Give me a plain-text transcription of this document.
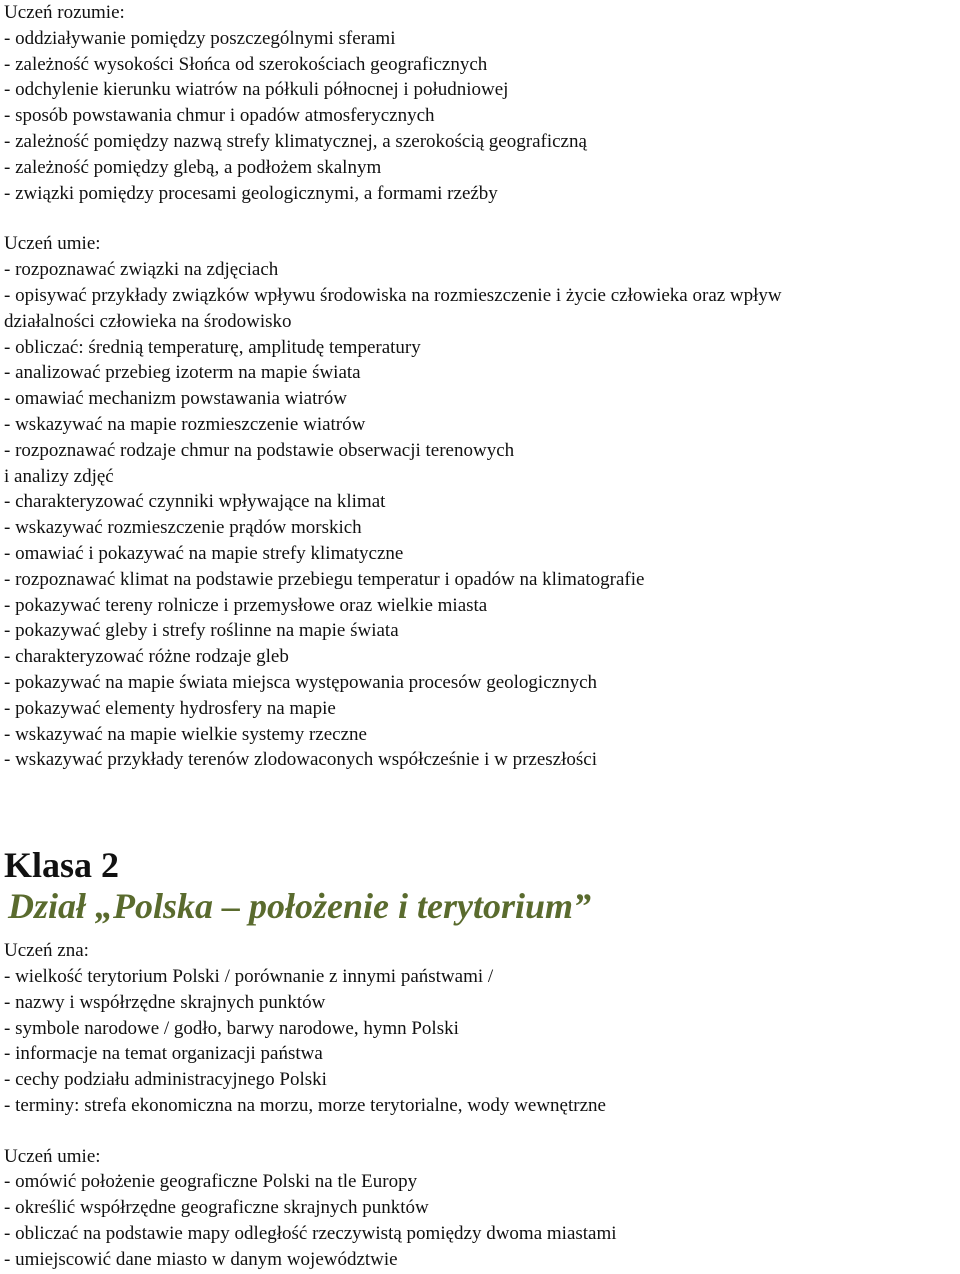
Uczeń rozumie:

- oddziaływanie pomiędzy poszczególnymi sferami

- zależność wysokości Słońca od szerokościach geograficznych

- odchylenie kierunku wiatrów na półkuli północnej i południowej

- sposób powstawania chmur i opadów atmosferycznych

- zależność pomiędzy nazwą strefy klimatycznej, a szerokością geograficzną

- zależność pomiędzy glebą, a podłożem skalnym

- związki pomiędzy procesami geologicznymi, a formami rzeźby

Uczeń umie:

- rozpoznawać związki na zdjęciach

- opisywać przykłady związków wpływu środowiska na rozmieszczenie i życie człowieka oraz wpływ

działalności człowieka na środowisko

- obliczać: średnią temperaturę, amplitudę temperatury

- analizować przebieg izoterm na mapie świata

- omawiać mechanizm powstawania wiatrów

- wskazywać na mapie rozmieszczenie wiatrów

- rozpoznawać rodzaje chmur na podstawie obserwacji terenowych

i analizy zdjęć

- charakteryzować czynniki wpływające na klimat

- wskazywać rozmieszczenie prądów morskich

- omawiać i pokazywać na mapie strefy klimatyczne

- rozpoznawać klimat na podstawie przebiegu temperatur i opadów na klimatografie

- pokazywać tereny rolnicze i przemysłowe oraz wielkie miasta

- pokazywać gleby i strefy roślinne na mapie świata

- charakteryzować różne rodzaje gleb

- pokazywać na mapie świata miejsca występowania procesów geologicznych

- pokazywać elementy hydrosfery na mapie

- wskazywać na mapie wielkie systemy rzeczne

- wskazywać przykłady terenów zlodowaconych współcześnie i w przeszłości

Klasa 2
Dział „Polska – położenie i terytorium”

Uczeń zna:

- wielkość terytorium Polski / porównanie z innymi państwami /

- nazwy i współrzędne skrajnych punktów

- symbole narodowe / godło, barwy narodowe, hymn Polski

- informacje na temat organizacji państwa

- cechy podziału administracyjnego Polski

- terminy: strefa ekonomiczna na morzu, morze terytorialne, wody wewnętrzne

Uczeń umie:

- omówić położenie geograficzne Polski na tle Europy

- określić współrzędne geograficzne skrajnych punktów

- obliczać na podstawie mapy odległość rzeczywistą pomiędzy dwoma miastami

- umiejscowić dane miasto w danym województwie
